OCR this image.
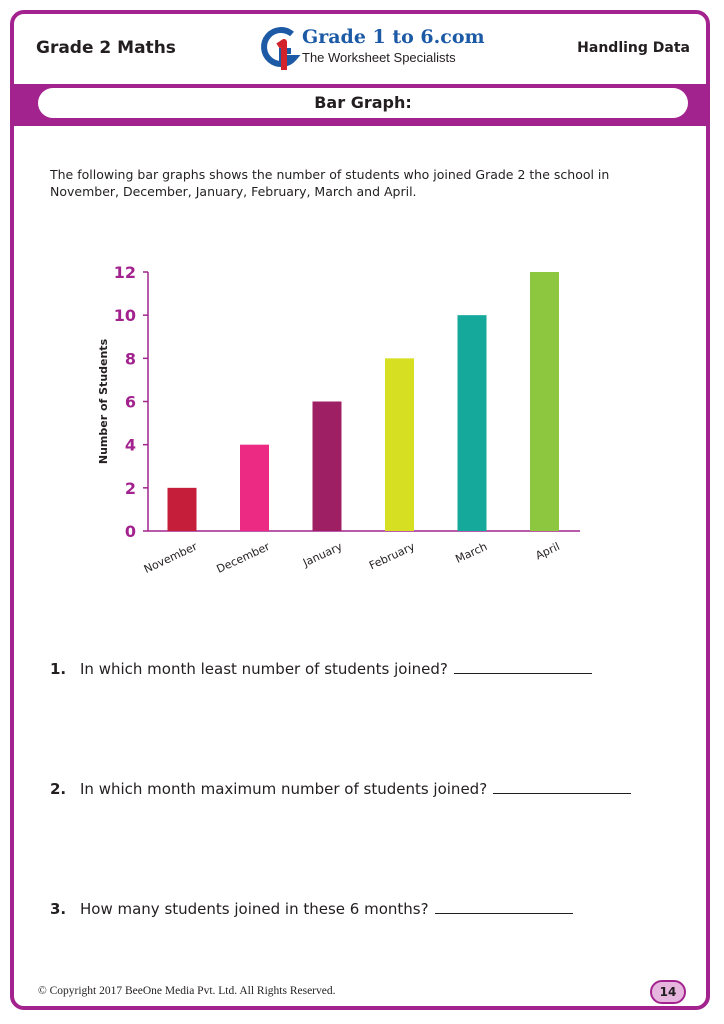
Grade 2 Maths	Grade 1 to 6.com
The Worksheet Specialists
Handling Data
Bar Graph:
The following bar graphs shows the number of students who joined Grade 2 the school in November, December, January, February, March and April.
0
2
4
6
8
10
12
Number of Students
November December	January February	March	April
1. In which month least number of students joined?
2. In which month maximum number of students joined?
3. How many students joined in these 6 months?
© Copyright 2017 BeeOne Media Pvt. Ltd. All Rights Reserved.	14
